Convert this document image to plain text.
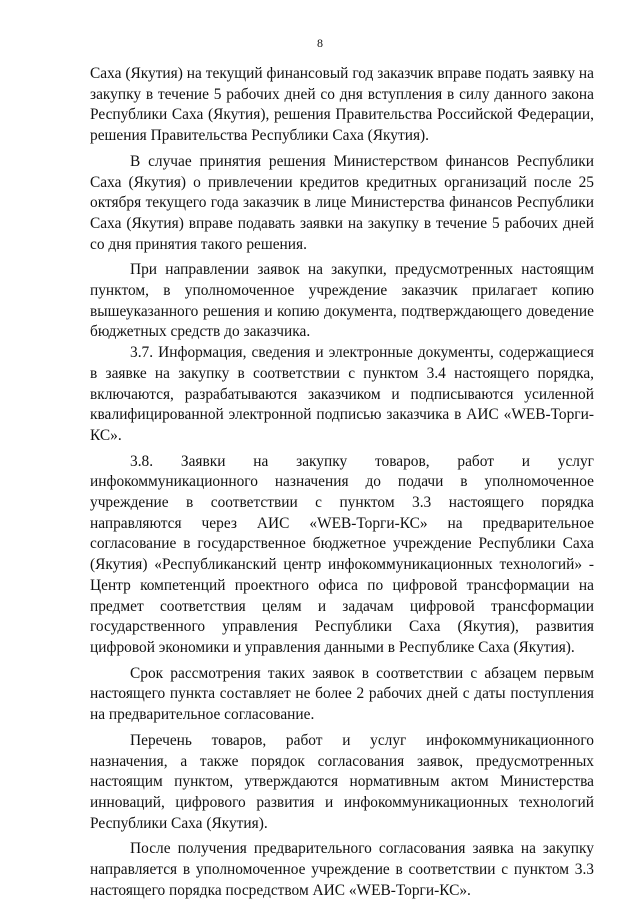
8

Саха (Якутия) на текущий финансовый год заказчик вправе подать заявку на закупку в течение 5 рабочих дней со дня вступления в силу данного закона Республики Саха (Якутия), решения Правительства Российской Федерации, решения Правительства Республики Саха (Якутия).

В случае принятия решения Министерством финансов Республики Саха (Якутия) о привлечении кредитов кредитных организаций после 25 октября текущего года заказчик в лице Министерства финансов Республики Саха (Якутия) вправе подавать заявки на закупку в течение 5 рабочих дней со дня принятия такого решения.

При направлении заявок на закупки, предусмотренных настоящим пунктом, в уполномоченное учреждение заказчик прилагает копию вышеуказанного решения и копию документа, подтверждающего доведение бюджетных средств до заказчика.

3.7. Информация, сведения и электронные документы, содержащиеся в заявке на закупку в соответствии с пунктом 3.4 настоящего порядка, включаются, разрабатываются заказчиком и подписываются усиленной квалифицированной электронной подписью заказчика в АИС «WEB-Торги-КС».

3.8. Заявки на закупку товаров, работ и услуг инфокоммуникационного назначения до подачи в уполномоченное учреждение в соответствии с пунктом 3.3 настоящего порядка направляются через АИС «WEB-Торги-КС» на предварительное согласование в государственное бюджетное учреждение Республики Саха (Якутия) «Республиканский центр инфокоммуникационных технологий» - Центр компетенций проектного офиса по цифровой трансформации на предмет соответствия целям и задачам цифровой трансформации государственного управления Республики Саха (Якутия), развития цифровой экономики и управления данными в Республике Саха (Якутия).

Срок рассмотрения таких заявок в соответствии с абзацем первым настоящего пункта составляет не более 2 рабочих дней с даты поступления на предварительное согласование.

Перечень товаров, работ и услуг инфокоммуникационного назначения, а также порядок согласования заявок, предусмотренных настоящим пунктом, утверждаются нормативным актом Министерства инноваций, цифрового развития и инфокоммуникационных технологий Республики Саха (Якутия).

После получения предварительного согласования заявка на закупку направляется в уполномоченное учреждение в соответствии с пунктом 3.3 настоящего порядка посредством АИС «WEB-Торги-КС».
